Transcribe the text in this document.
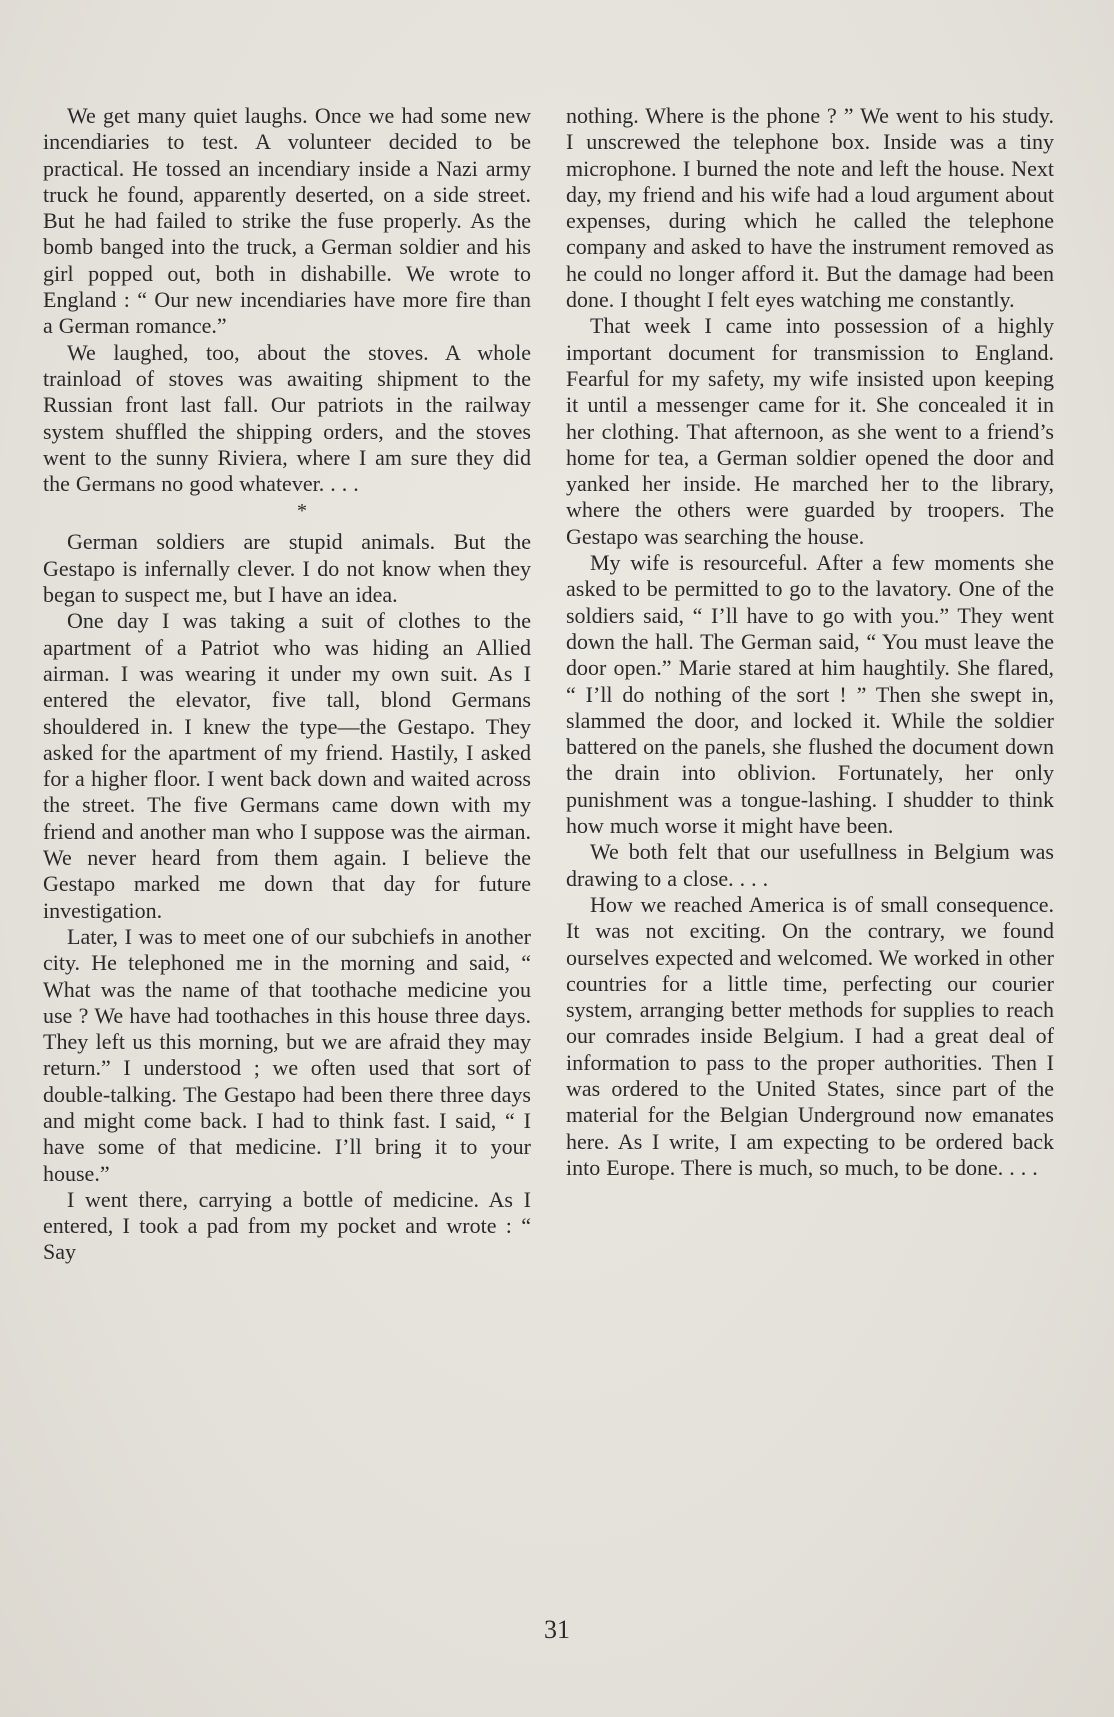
We get many quiet laughs. Once we had some new incendiaries to test. A volunteer decided to be practical. He tossed an incendiary inside a Nazi army truck he found, apparently deserted, on a side street. But he had failed to strike the fuse properly. As the bomb banged into the truck, a German soldier and his girl popped out, both in dishabille. We wrote to England : “ Our new incendiaries have more fire than a German romance.”

We laughed, too, about the stoves. A whole trainload of stoves was awaiting shipment to the Russian front last fall. Our patriots in the railway system shuffled the shipping orders, and the stoves went to the sunny Riviera, where I am sure they did the Germans no good whatever. . . .

*

German soldiers are stupid animals. But the Gestapo is infernally clever. I do not know when they began to suspect me, but I have an idea.

One day I was taking a suit of clothes to the apartment of a Patriot who was hiding an Allied airman. I was wearing it under my own suit. As I entered the elevator, five tall, blond Germans shouldered in. I knew the type—the Gestapo. They asked for the apartment of my friend. Hastily, I asked for a higher floor. I went back down and waited across the street. The five Germans came down with my friend and another man who I suppose was the airman. We never heard from them again. I believe the Gestapo marked me down that day for future investigation.

Later, I was to meet one of our subchiefs in another city. He telephoned me in the morning and said, “ What was the name of that toothache medicine you use ? We have had toothaches in this house three days. They left us this morning, but we are afraid they may return.” I understood ; we often used that sort of double-talking. The Gestapo had been there three days and might come back. I had to think fast. I said, “ I have some of that medicine. I’ll bring it to your house.”

I went there, carrying a bottle of medicine. As I entered, I took a pad from my pocket and wrote : “ Say

nothing. Where is the phone ? ” We went to his study. I unscrewed the telephone box. Inside was a tiny microphone. I burned the note and left the house. Next day, my friend and his wife had a loud argument about expenses, during which he called the telephone company and asked to have the instrument removed as he could no longer afford it. But the damage had been done. I thought I felt eyes watching me constantly.

That week I came into possession of a highly important document for transmission to England. Fearful for my safety, my wife insisted upon keeping it until a messenger came for it. She concealed it in her clothing. That afternoon, as she went to a friend’s home for tea, a German soldier opened the door and yanked her inside. He marched her to the library, where the others were guarded by troopers. The Gestapo was searching the house.

My wife is resourceful. After a few moments she asked to be permitted to go to the lavatory. One of the soldiers said, “ I’ll have to go with you.” They went down the hall. The German said, “ You must leave the door open.” Marie stared at him haughtily. She flared, “ I’ll do nothing of the sort ! ” Then she swept in, slammed the door, and locked it. While the soldier battered on the panels, she flushed the document down the drain into oblivion. Fortunately, her only punishment was a tongue-lashing. I shudder to think how much worse it might have been.

We both felt that our usefullness in Belgium was drawing to a close. . . .

How we reached America is of small consequence. It was not exciting. On the contrary, we found ourselves expected and welcomed. We worked in other countries for a little time, perfecting our courier system, arranging better methods for supplies to reach our comrades inside Belgium. I had a great deal of information to pass to the proper authorities. Then I was ordered to the United States, since part of the material for the Belgian Underground now emanates here. As I write, I am expecting to be ordered back into Europe. There is much, so much, to be done. . . .

31
